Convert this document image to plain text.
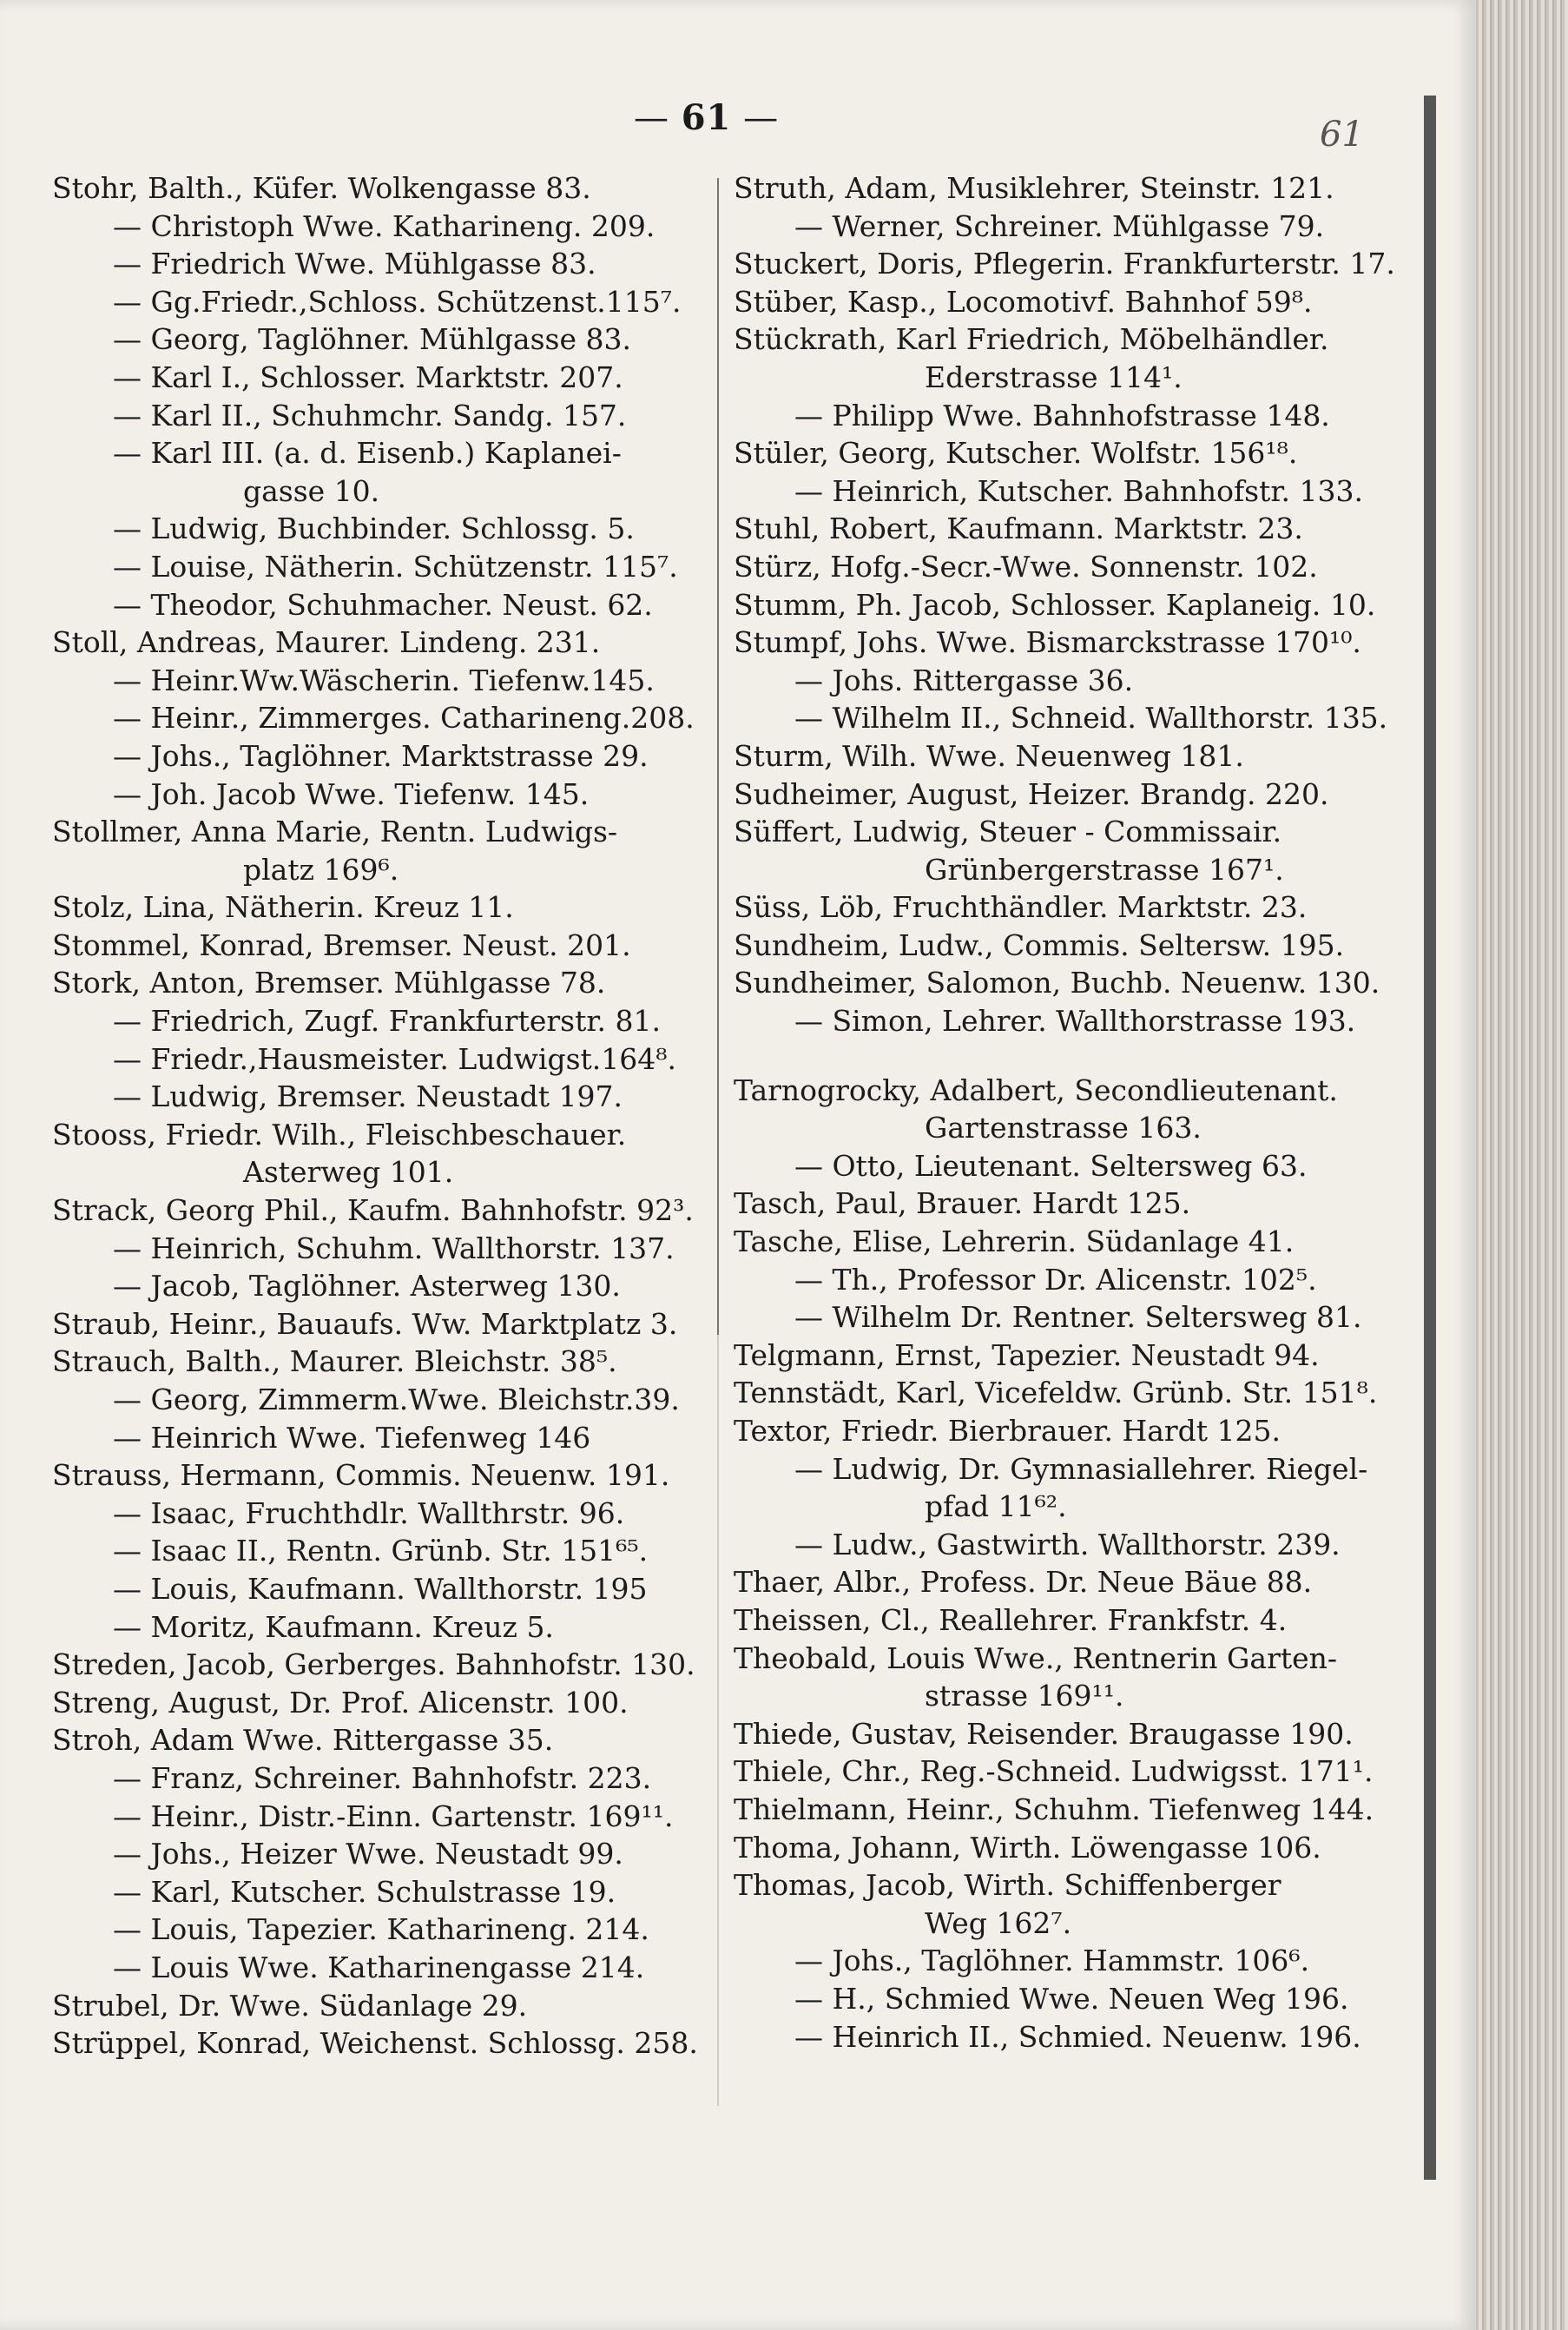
— 61 —	61
Stohr, Balth., Küfer. Wolkengasse 83.
— Christoph Wwe. Katharineng. 209.
— Friedrich Wwe. Mühlgasse 83.
— Gg.Friedr.,Schloss. Schützenst.115⁷.
— Georg, Taglöhner. Mühlgasse 83.
— Karl I., Schlosser. Marktstr. 207.
— Karl II., Schuhmchr. Sandg. 157.
— Karl III. (a. d. Eisenb.) Kaplanei-
gasse 10.
— Ludwig, Buchbinder. Schlossg. 5.
— Louise, Nätherin. Schützenstr. 115⁷.
— Theodor, Schuhmacher. Neust. 62.
Stoll, Andreas, Maurer. Lindeng. 231.
— Heinr.Ww.Wäscherin. Tiefenw.145.
— Heinr., Zimmerges. Catharineng.208.
— Johs., Taglöhner. Marktstrasse 29.
— Joh. Jacob Wwe. Tiefenw. 145.
Stollmer, Anna Marie, Rentn. Ludwigs-
platz 169⁶.
Stolz, Lina, Nätherin. Kreuz 11.
Stommel, Konrad, Bremser. Neust. 201.
Stork, Anton, Bremser. Mühlgasse 78.
— Friedrich, Zugf. Frankfurterstr. 81.
— Friedr.,Hausmeister. Ludwigst.164⁸.
— Ludwig, Bremser. Neustadt 197.
Stooss, Friedr. Wilh., Fleischbeschauer.
Asterweg 101.
Strack, Georg Phil., Kaufm. Bahnhofstr. 92³.
— Heinrich, Schuhm. Wallthorstr. 137.
— Jacob, Taglöhner. Asterweg 130.
Straub, Heinr., Bauaufs. Ww. Marktplatz 3.
Strauch, Balth., Maurer. Bleichstr. 38⁵.
— Georg, Zimmerm.Wwe. Bleichstr.39.
— Heinrich Wwe. Tiefenweg 146
Strauss, Hermann, Commis. Neuenw. 191.
— Isaac, Fruchthdlr. Wallthrstr. 96.
— Isaac II., Rentn. Grünb. Str. 151⁶⁵.
— Louis, Kaufmann. Wallthorstr. 195
— Moritz, Kaufmann. Kreuz 5.
Streden, Jacob, Gerberges. Bahnhofstr. 130.
Streng, August, Dr. Prof. Alicenstr. 100.
Stroh, Adam Wwe. Rittergasse 35.
— Franz, Schreiner. Bahnhofstr. 223.
— Heinr., Distr.-Einn. Gartenstr. 169¹¹.
— Johs., Heizer Wwe. Neustadt 99.
— Karl, Kutscher. Schulstrasse 19.
— Louis, Tapezier. Katharineng. 214.
— Louis Wwe. Katharinengasse 214.
Strubel, Dr. Wwe. Südanlage 29.
Strüppel, Konrad, Weichenst. Schlossg. 258.
Struth, Adam, Musiklehrer, Steinstr. 121.
— Werner, Schreiner. Mühlgasse 79.
Stuckert, Doris, Pflegerin. Frankfurterstr. 17.
Stüber, Kasp., Locomotivf. Bahnhof 59⁸.
Stückrath, Karl Friedrich, Möbelhändler.
Ederstrasse 114¹.
— Philipp Wwe. Bahnhofstrasse 148.
Stüler, Georg, Kutscher. Wolfstr. 156¹⁸.
— Heinrich, Kutscher. Bahnhofstr. 133.
Stuhl, Robert, Kaufmann. Marktstr. 23.
Stürz, Hofg.-Secr.-Wwe. Sonnenstr. 102.
Stumm, Ph. Jacob, Schlosser. Kaplaneig. 10.
Stumpf, Johs. Wwe. Bismarckstrasse 170¹⁰.
— Johs. Rittergasse 36.
— Wilhelm II., Schneid. Wallthorstr. 135.
Sturm, Wilh. Wwe. Neuenweg 181.
Sudheimer, August, Heizer. Brandg. 220.
Süffert, Ludwig, Steuer - Commissair.
Grünbergerstrasse 167¹.
Süss, Löb, Fruchthändler. Marktstr. 23.
Sundheim, Ludw., Commis. Seltersw. 195.
Sundheimer, Salomon, Buchb. Neuenw. 130.
— Simon, Lehrer. Wallthorstrasse 193.
Tarnogrocky, Adalbert, Secondlieutenant.
Gartenstrasse 163.
— Otto, Lieutenant. Seltersweg 63.
Tasch, Paul, Brauer. Hardt 125.
Tasche, Elise, Lehrerin. Südanlage 41.
— Th., Professor Dr. Alicenstr. 102⁵.
— Wilhelm Dr. Rentner. Seltersweg 81.
Telgmann, Ernst, Tapezier. Neustadt 94.
Tennstädt, Karl, Vicefeldw. Grünb. Str. 151⁸.
Textor, Friedr. Bierbrauer. Hardt 125.
— Ludwig, Dr. Gymnasiallehrer. Riegel-
pfad 11⁶².
— Ludw., Gastwirth. Wallthorstr. 239.
Thaer, Albr., Profess. Dr. Neue Bäue 88.
Theissen, Cl., Reallehrer. Frankfstr. 4.
Theobald, Louis Wwe., Rentnerin Garten-
strasse 169¹¹.
Thiede, Gustav, Reisender. Braugasse 190.
Thiele, Chr., Reg.-Schneid. Ludwigsst. 171¹.
Thielmann, Heinr., Schuhm. Tiefenweg 144.
Thoma, Johann, Wirth. Löwengasse 106.
Thomas, Jacob, Wirth. Schiffenberger
Weg 162⁷.
— Johs., Taglöhner. Hammstr. 106⁶.
— H., Schmied Wwe. Neuen Weg 196.
— Heinrich II., Schmied. Neuenw. 196.
